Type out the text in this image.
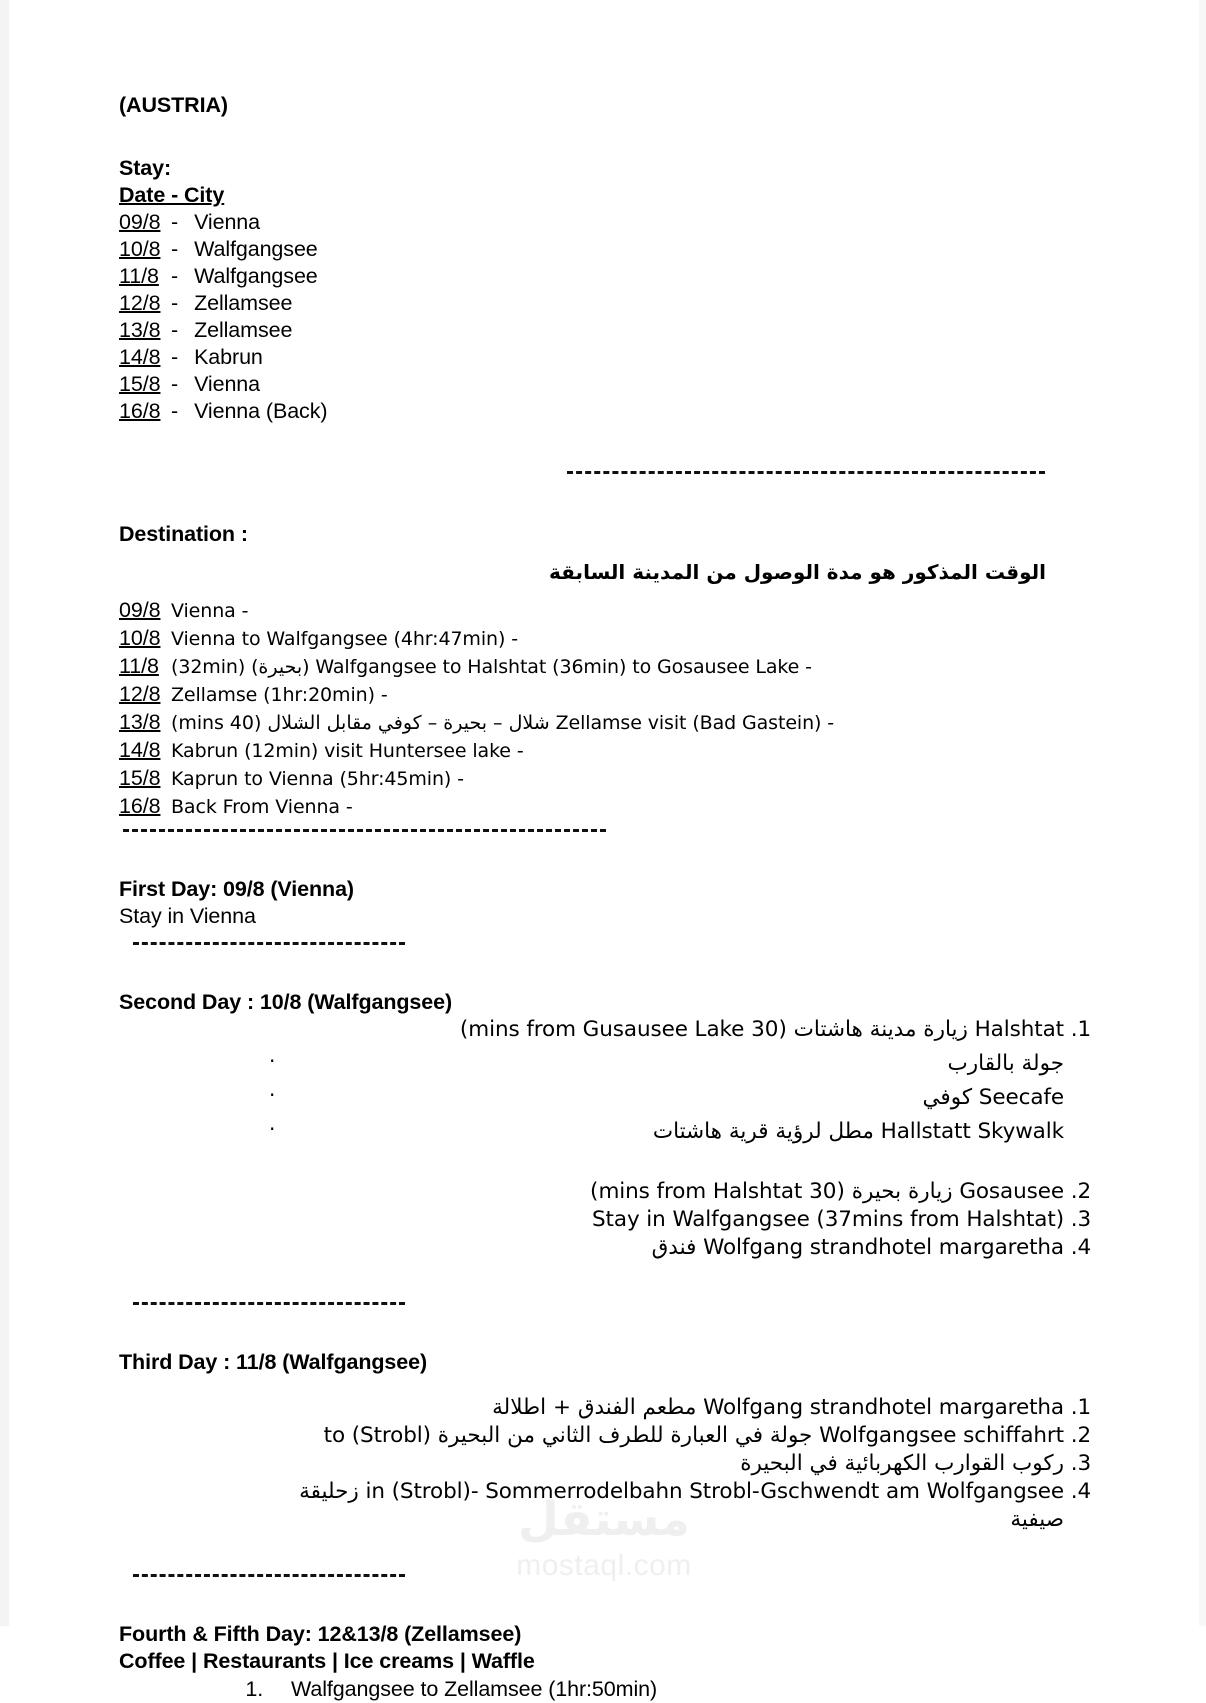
(AUSTRIA)
Stay:
Date - City
09/8 - Vienna
10/8 - Walfgangsee
11/8 - Walfgangsee
12/8 - Zellamsee
13/8 - Zellamsee
14/8 - Kabrun
15/8 - Vienna
16/8 - Vienna (Back)
Destination :
الوقت المذكور هو مدة الوصول من المدينة السابقة
09/8 - Vienna
10/8 - Vienna to Walfgangsee (4hr:47min)
11/8 - Walfgangsee to Halshtat (36min) to Gosausee Lake (بحيرة) (32min)
12/8 - Zellamse (1hr:20min)
13/8 - Zellamse visit (Bad Gastein) شلال – بحيرة – كوفي مقابل الشلال (40 mins)
14/8 - Kabrun (12min) visit Huntersee lake
15/8 - Kaprun to Vienna (5hr:45min)
16/8 - Back From Vienna
First Day: 09/8 (Vienna)
Stay in Vienna
Second Day : 10/8 (Walfgangsee)
1. Halshtat زيارة مدينة هاشتات (30 mins from Gusausee Lake)
· جولة بالقارب
· Seecafe كوفي
· Hallstatt Skywalk مطل لرؤية قرية هاشتات
2. Gosausee زيارة بحيرة (30 mins from Halshtat)
3. Stay in Walfgangsee (37mins from Halshtat)
4. Wolfgang strandhotel margaretha فندق
Third Day : 11/8 (Walfgangsee)
1. Wolfgang strandhotel margaretha مطعم الفندق + اطلالة
2. Wolfgangsee schiffahrt جولة في العبارة للطرف الثاني من البحيرة to (Strobl)
3. ركوب القوارب الكهربائية في البحيرة
4. in (Strobl)- Sommerrodelbahn Strobl-Gschwendt am Wolfgangsee زحليقة صيفية
Fourth & Fifth Day: 12&13/8 (Zellamsee)
Coffee | Restaurants | Ice creams | Waffle
1. Walfgangsee to Zellamsee (1hr:50min)
مستقل
mostaql.com
